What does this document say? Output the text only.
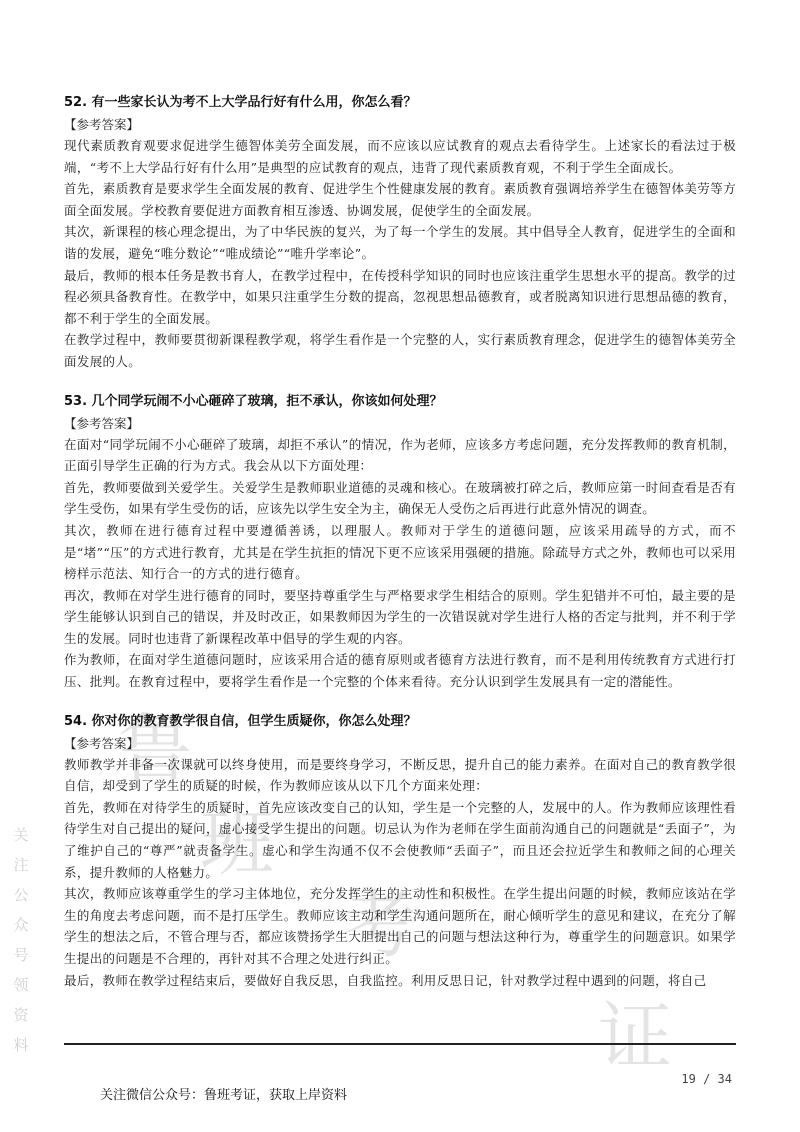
鲁
班
考
证
关注公众号领资料
52. 有一些家长认为考不上大学品行好有什么用，你怎么看？
【参考答案】

现代素质教育观要求促进学生德智体美劳全面发展，而不应该以应试教育的观点去看待学生。上述家长的看法过于极端，“考不上大学品行好有什么用”是典型的应试教育的观点，违背了现代素质教育观，不利于学生全面成长。

首先，素质教育是要求学生全面发展的教育、促进学生个性健康发展的教育。素质教育强调培养学生在德智体美劳等方面全面发展。学校教育要促进方面教育相互渗透、协调发展，促使学生的全面发展。

其次，新课程的核心理念提出，为了中华民族的复兴，为了每一个学生的发展。其中倡导全人教育，促进学生的全面和谐的发展，避免“唯分数论”“唯成绩论”“唯升学率论”。

最后，教师的根本任务是教书育人，在教学过程中，在传授科学知识的同时也应该注重学生思想水平的提高。教学的过程必须具备教育性。在教学中，如果只注重学生分数的提高，忽视思想品德教育，或者脱离知识进行思想品德的教育，都不利于学生的全面发展。

在教学过程中，教师要贯彻新课程教学观，将学生看作是一个完整的人，实行素质教育理念，促进学生的德智体美劳全面发展的人。

53. 几个同学玩闹不小心砸碎了玻璃，拒不承认，你该如何处理？
【参考答案】

在面对“同学玩闹不小心砸碎了玻璃，却拒不承认”的情况，作为老师，应该多方考虑问题，充分发挥教师的教育机制，正面引导学生正确的行为方式。我会从以下方面处理：

首先，教师要做到关爱学生。关爱学生是教师职业道德的灵魂和核心。在玻璃被打碎之后，教师应第一时间查看是否有学生受伤，如果有学生受伤的话，应该先以学生安全为主，确保无人受伤之后再进行此意外情况的调查。

其次，教师在进行德育过程中要遵循善诱，以理服人。教师对于学生的道德问题，应该采用疏导的方式，而不是“堵”“压”的方式进行教育，尤其是在学生抗拒的情况下更不应该采用强硬的措施。除疏导方式之外，教师也可以采用榜样示范法、知行合一的方式的进行德育。

再次，教师在对学生进行德育的同时，要坚持尊重学生与严格要求学生相结合的原则。学生犯错并不可怕，最主要的是学生能够认识到自己的错误，并及时改正，如果教师因为学生的一次错误就对学生进行人格的否定与批判，并不利于学生的发展。同时也违背了新课程改革中倡导的学生观的内容。

作为教师，在面对学生道德问题时，应该采用合适的德育原则或者德育方法进行教育，而不是利用传统教育方式进行打压、批判。在教育过程中，要将学生看作是一个完整的个体来看待。充分认识到学生发展具有一定的潜能性。

54. 你对你的教育教学很自信，但学生质疑你，你怎么处理？
【参考答案】

教师教学并非备一次课就可以终身使用，而是要终身学习，不断反思，提升自己的能力素养。在面对自己的教育教学很自信，却受到了学生的质疑的时候，作为教师应该从以下几个方面来处理：

首先，教师在对待学生的质疑时，首先应该改变自己的认知，学生是一个完整的人，发展中的人。作为教师应该理性看待学生对自己提出的疑问，虚心接受学生提出的问题。切忌认为作为老师在学生面前沟通自己的问题就是“丢面子”，为了维护自己的“尊严”就责备学生。虚心和学生沟通不仅不会使教师“丢面子”，而且还会拉近学生和教师之间的心理关系，提升教师的人格魅力。

其次，教师应该尊重学生的学习主体地位，充分发挥学生的主动性和积极性。在学生提出问题的时候，教师应该站在学生的角度去考虑问题，而不是打压学生。教师应该主动和学生沟通问题所在，耐心倾听学生的意见和建议，在充分了解学生的想法之后，不管合理与否，都应该赞扬学生大胆提出自己的问题与想法这种行为，尊重学生的问题意识。如果学生提出的问题是不合理的，再针对其不合理之处进行纠正。

最后，教师在教学过程结束后，要做好自我反思，自我监控。利用反思日记，针对教学过程中遇到的问题，将自己

19 / 34
关注微信公众号：鲁班考证，获取上岸资料
